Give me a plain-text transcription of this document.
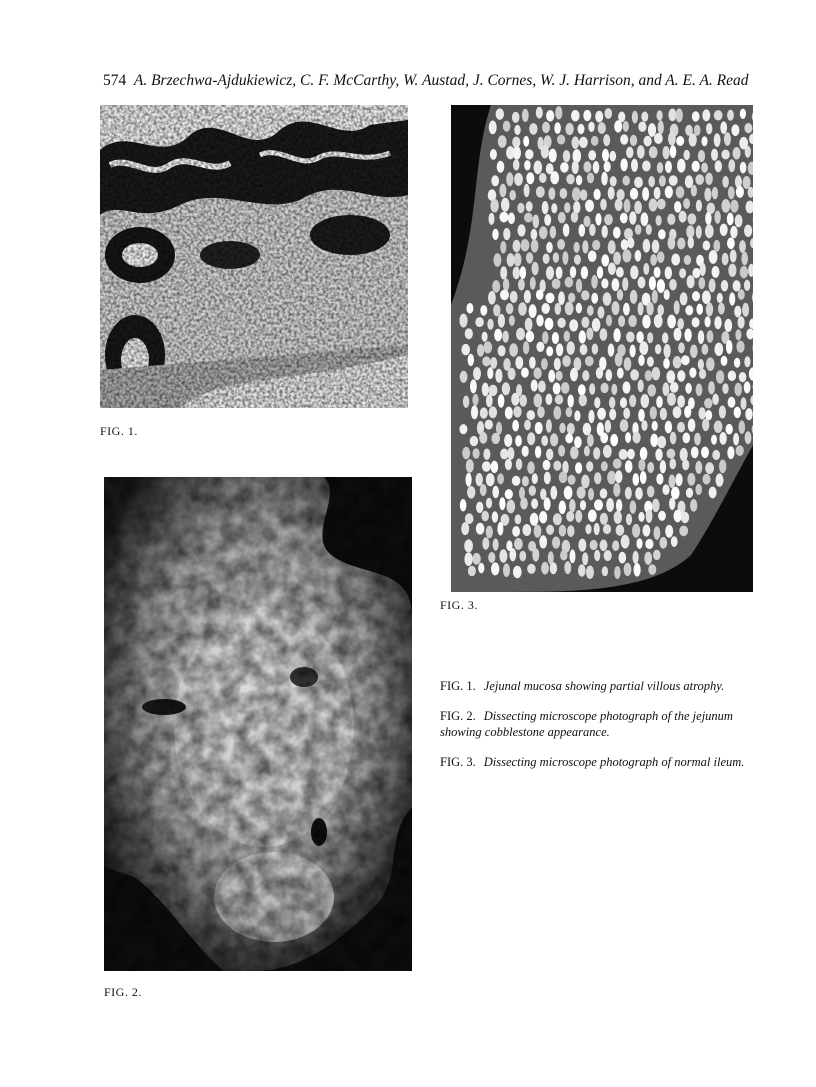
574 A. Brzechwa-Ajdukiewicz, C. F. McCarthy, W. Austad, J. Cornes, W. J. Harrison, and A. E. A. Read
FIG. 1.
FIG. 2.
FIG. 3.

FIG. 1. Jejunal mucosa showing partial villous atrophy.

FIG. 2. Dissecting microscope photograph of the jejunum showing cobblestone appearance.

FIG. 3. Dissecting microscope photograph of normal ileum.
